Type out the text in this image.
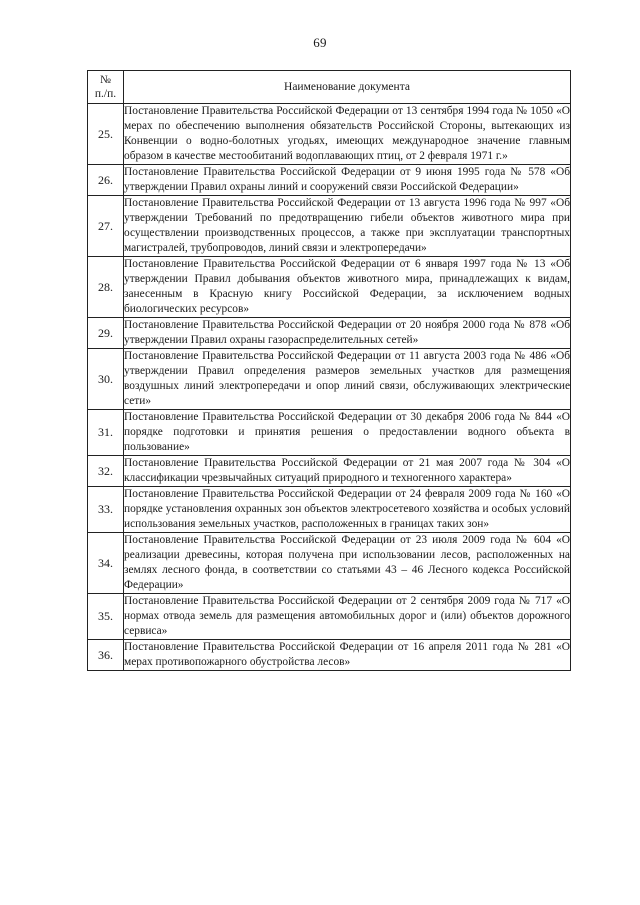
69
№
п./п.	Наименование документа
25.	Постановление Правительства Российской Федерации от 13 сентября 1994 года № 1050 «О мерах по обеспечению выполнения обязательств Российской Стороны, вытекающих из Конвенции о водно-болотных угодьях, имеющих международное значение главным образом в качестве местообитаний водоплавающих птиц, от 2 февраля 1971 г.»
26.	Постановление Правительства Российской Федерации от 9 июня 1995 года № 578 «Об утверждении Правил охраны линий и сооружений связи Российской Федерации»
27.	Постановление Правительства Российской Федерации от 13 августа 1996 года № 997 «Об утверждении Требований по предотвращению гибели объектов животного мира при осуществлении производственных процессов, а также при эксплуатации транспортных магистралей, трубопроводов, линий связи и электропередачи»
28.	Постановление Правительства Российской Федерации от 6 января 1997 года № 13 «Об утверждении Правил добывания объектов животного мира, принадлежащих к видам, занесенным в Красную книгу Российской Федерации, за исключением водных биологических ресурсов»
29.	Постановление Правительства Российской Федерации от 20 ноября 2000 года № 878 «Об утверждении Правил охраны газораспределительных сетей»
30.	Постановление Правительства Российской Федерации от 11 августа 2003 года № 486 «Об утверждении Правил определения размеров земельных участков для размещения воздушных линий электропередачи и опор линий связи, обслуживающих электрические сети»
31.	Постановление Правительства Российской Федерации от 30 декабря 2006 года № 844 «О порядке подготовки и принятия решения о предоставлении водного объекта в пользование»
32.	Постановление Правительства Российской Федерации от 21 мая 2007 года № 304 «О классификации чрезвычайных ситуаций природного и техногенного характера»
33.	Постановление Правительства Российской Федерации от 24 февраля 2009 года № 160 «О порядке установления охранных зон объектов электросетевого хозяйства и особых условий использования земельных участков, расположенных в границах таких зон»
34.	Постановление Правительства Российской Федерации от 23 июля 2009 года № 604 «О реализации древесины, которая получена при использовании лесов, расположенных на землях лесного фонда, в соответствии со статьями 43 – 46 Лесного кодекса Российской Федерации»
35.	Постановление Правительства Российской Федерации от 2 сентября 2009 года № 717 «О нормах отвода земель для размещения автомобильных дорог и (или) объектов дорожного сервиса»
36.	Постановление Правительства Российской Федерации от 16 апреля 2011 года № 281 «О мерах противопожарного обустройства лесов»
